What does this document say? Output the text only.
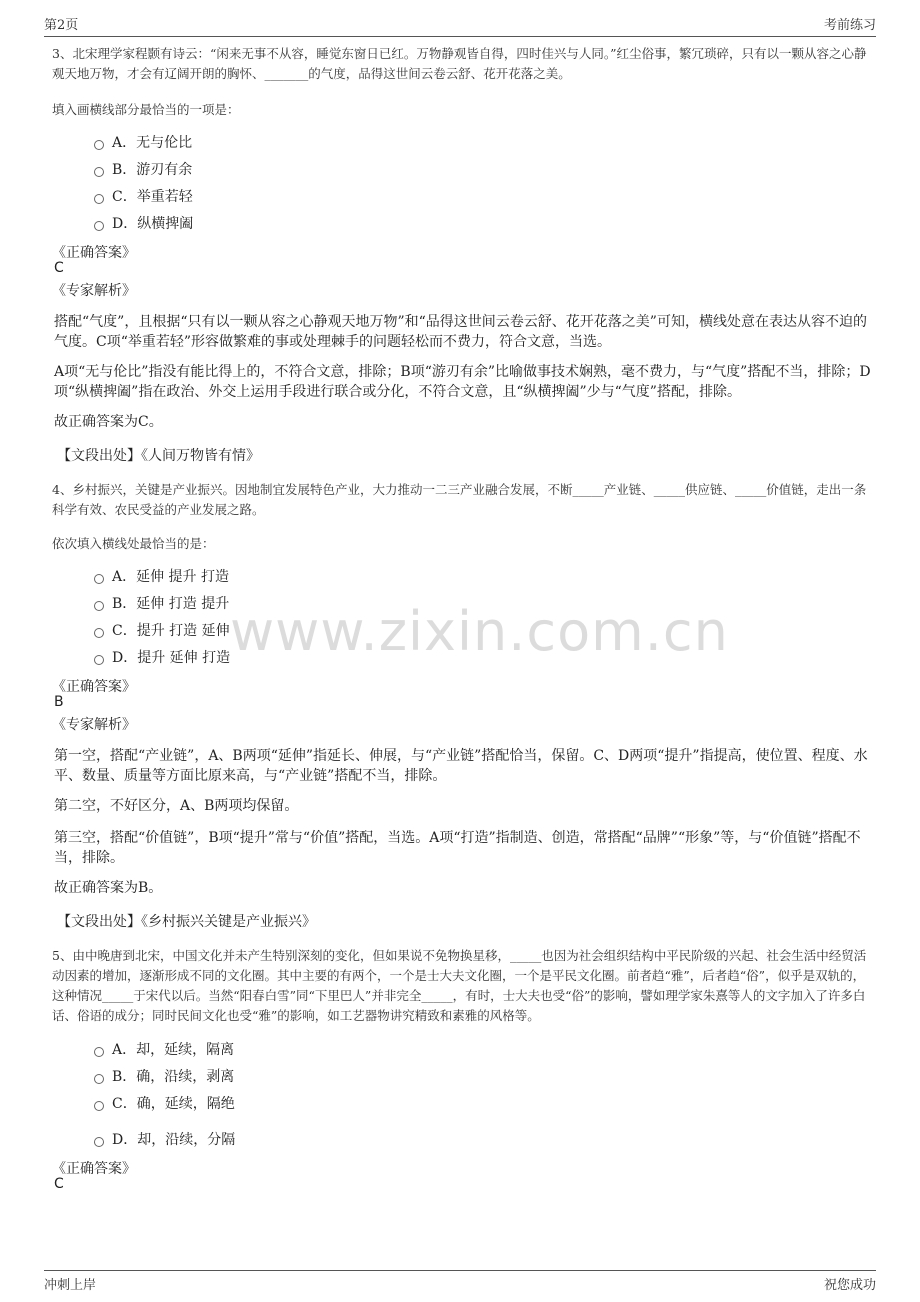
第2页	考前练习
www.zixin.com.cn
3、北宋理学家程颢有诗云：“闲来无事不从容，睡觉东窗日已红。万物静观皆自得，四时佳兴与人同。”红尘俗事，繁冗琐碎，只有以一颗从容之心静观天地万物，才会有辽阔开朗的胸怀、_______的气度，品得这世间云卷云舒、花开花落之美。
填入画横线部分最恰当的一项是：
A．无与伦比
B．游刃有余
C．举重若轻
D．纵横捭阖
《正确答案》
C
《专家解析》
搭配“气度”，且根据“只有以一颗从容之心静观天地万物”和“品得这世间云卷云舒、花开花落之美”可知，横线处意在表达从容不迫的气度。C项“举重若轻”形容做繁难的事或处理棘手的问题轻松而不费力，符合文意，当选。
A项“无与伦比”指没有能比得上的，不符合文意，排除；B项“游刃有余”比喻做事技术娴熟，毫不费力，与“气度”搭配不当，排除；D项“纵横捭阖”指在政治、外交上运用手段进行联合或分化，不符合文意，且“纵横捭阖”少与“气度”搭配，排除。
故正确答案为C。
【文段出处】《人间万物皆有情》
4、乡村振兴，关键是产业振兴。因地制宜发展特色产业，大力推动一二三产业融合发展，不断_____产业链、_____供应链、_____价值链，走出一条科学有效、农民受益的产业发展之路。
依次填入横线处最恰当的是：
A．延伸 提升 打造
B．延伸 打造 提升
C．提升 打造 延伸
D．提升 延伸 打造
《正确答案》
B
《专家解析》
第一空，搭配“产业链”，A、B两项“延伸”指延长、伸展，与“产业链”搭配恰当，保留。C、D两项“提升”指提高，使位置、程度、水平、数量、质量等方面比原来高，与“产业链”搭配不当，排除。
第二空，不好区分，A、B两项均保留。
第三空，搭配“价值链”，B项“提升”常与“价值”搭配，当选。A项“打造”指制造、创造，常搭配“品牌”“形象”等，与“价值链”搭配不当，排除。
故正确答案为B。
【文段出处】《乡村振兴关键是产业振兴》
5、由中晚唐到北宋，中国文化并未产生特别深刻的变化，但如果说不免物换星移，_____也因为社会组织结构中平民阶级的兴起、社会生活中经贸活动因素的增加，逐渐形成不同的文化圈。其中主要的有两个，一个是士大夫文化圈，一个是平民文化圈。前者趋“雅”，后者趋“俗”，似乎是双轨的，这种情况_____于宋代以后。当然“阳春白雪”同“下里巴人”并非完全_____，有时，士大夫也受“俗”的影响，譬如理学家朱熹等人的文字加入了许多白话、俗语的成分；同时民间文化也受“雅”的影响，如工艺器物讲究精致和素雅的风格等。
A．却，延续，隔离
B．确，沿续，剥离
C．确，延续，隔绝
D．却，沿续，分隔
《正确答案》
C
冲刺上岸	祝您成功
